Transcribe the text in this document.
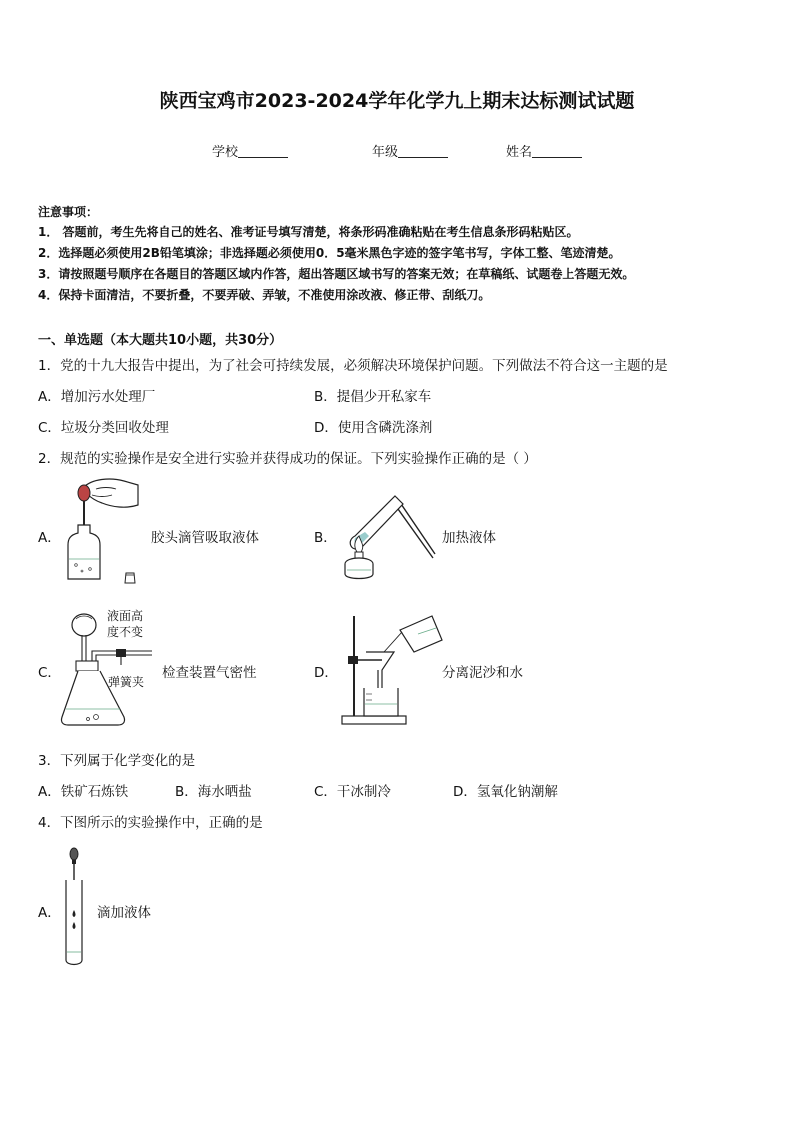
陕西宝鸡市2023-2024学年化学九上期末达标测试试题
学校	年级	姓名
注意事项：
1． 答题前，考生先将自己的姓名、准考证号填写清楚，将条形码准确粘贴在考生信息条形码粘贴区。
2．选择题必须使用2B铅笔填涂；非选择题必须使用0．5毫米黑色字迹的签字笔书写，字体工整、笔迹清楚。
3．请按照题号顺序在各题目的答题区域内作答，超出答题区域书写的答案无效；在草稿纸、试题卷上答题无效。
4．保持卡面清洁，不要折叠，不要弄破、弄皱，不准使用涂改液、修正带、刮纸刀。
一、单选题（本大题共10小题，共30分）
1．党的十九大报告中提出，为了社会可持续发展，必须解决环境保护问题。下列做法不符合这一主题的是
A．增加污水处理厂	B．提倡少开私家车
C．垃圾分类回收处理	D．使用含磷洗涤剂
2．规范的实验操作是安全进行实验并获得成功的保证。下列实验操作正确的是（ ）
A．	胶头滴管吸取液体	B．	加热液体
C．
液面高
度不变
弹簧夹
检查装置气密性	D．	分离泥沙和水
3．下列属于化学变化的是
A．铁矿石炼铁	B．海水晒盐	C．干冰制冷	D．氢氧化钠潮解
4．下图所示的实验操作中，正确的是
A．	滴加液体
